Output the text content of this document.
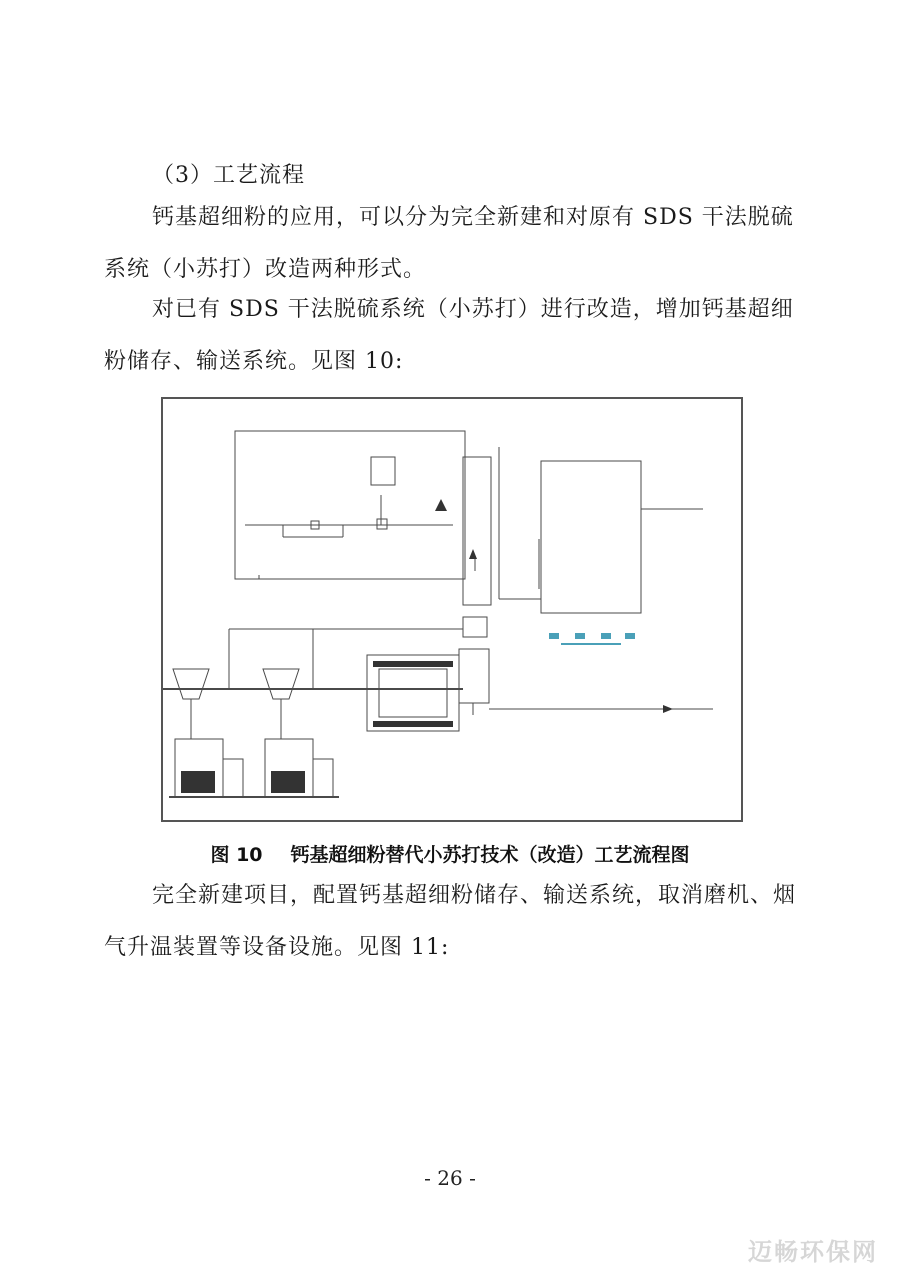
（3）工艺流程

钙基超细粉的应用，可以分为完全新建和对原有 SDS 干法脱硫系统（小苏打）改造两种形式。

对已有 SDS 干法脱硫系统（小苏打）进行改造，增加钙基超细粉储存、输送系统。见图 10:

图 10 钙基超细粉替代小苏打技术（改造）工艺流程图

完全新建项目，配置钙基超细粉储存、输送系统，取消磨机、烟气升温装置等设备设施。见图 11:

- 26 -
迈畅环保网
